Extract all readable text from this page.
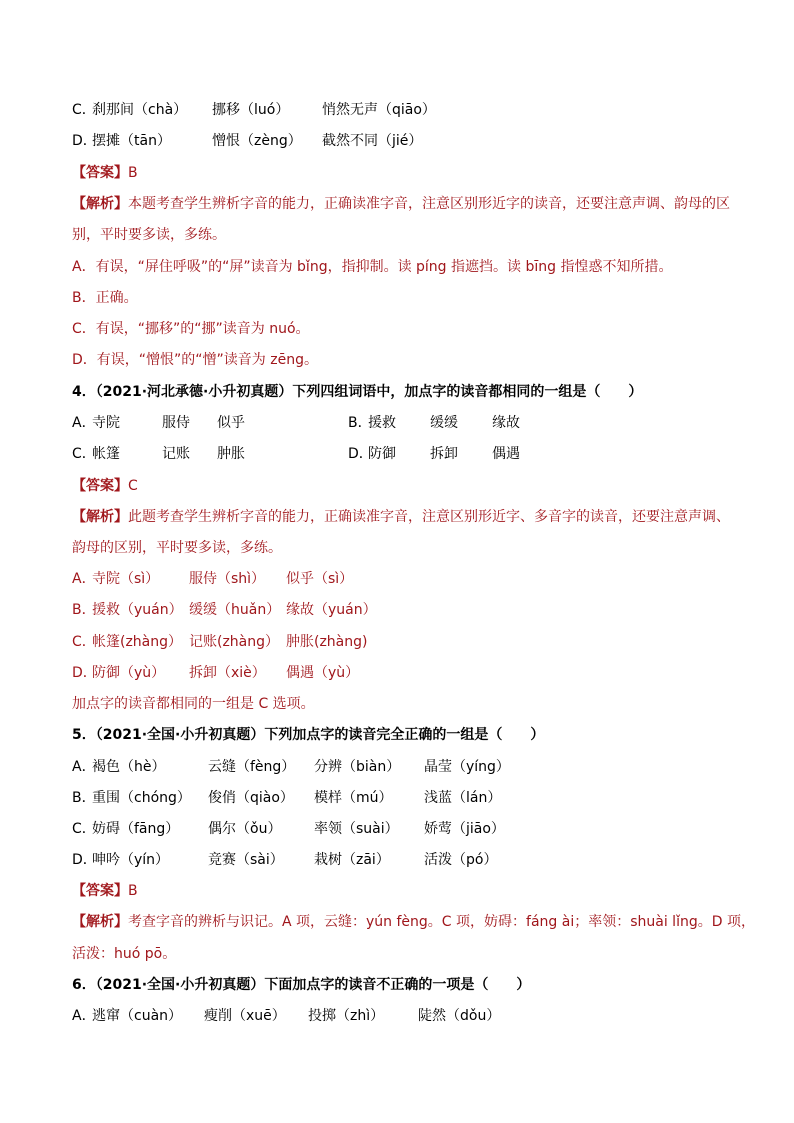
C．刹那间（chà） 挪移（luó） 悄然无声（qiāo）
D．摆摊（tān）	憎恨（zèng） 截然不同（jié）
【答案】B
【解析】本题考查学生辨析字音的能力，正确读准字音，注意区别形近字的读音，还要注意声调、韵母的区别，平时要多读，多练。
A．有误，“屏住呼吸”的“屏”读音为 bǐng，指抑制。读 píng 指遮挡。读 bīng 指惶惑不知所措。
B．正确。
C．有误，“挪移”的“挪”读音为 nuó。
D．有误，“憎恨”的“憎”读音为 zēng。
4．（2021·河北承德·小升初真题）下列四组词语中，加点字的读音都相同的一组是（　　）
A．寺院	服侍 似乎	B．援救 缓缓 缘故
C．帐篷	记账 肿胀	D．防御 拆卸 偶遇
【答案】C
【解析】此题考查学生辨析字音的能力，正确读准字音，注意区别形近字、多音字的读音，还要注意声调、韵母的区别，平时要多读，多练。
A．寺院（sì） 服侍（shì） 似乎（sì）
B．援救（yuán） 缓缓（huǎn） 缘故（yuán）
C．帐篷(zhàng） 记账(zhàng） 肿胀(zhàng)
D．防御（yù） 拆卸（xiè） 偶遇（yù）
加点字的读音都相同的一组是 C 选项。
5．（2021·全国·小升初真题）下列加点字的读音完全正确的一组是（　　）
A．褐色（hè）	云缝（fèng） 分辨（biàn） 晶莹（yíng）
B．重围（chóng） 俊俏（qiào） 模样（mú） 浅蓝（lán）
C．妨碍（fāng） 偶尔（ǒu） 率领（suài） 娇莺（jiāo）
D．呻吟（yín）	竞赛（sài） 栽树（zāi） 活泼（pó）
【答案】B
【解析】考查字音的辨析与识记。A 项，云缝：yún fèng。C 项，妨碍：fáng ài；率领：shuài lǐng。D 项，
活泼：huó pō。
6．（2021·全国·小升初真题）下面加点字的读音不正确的一项是（　　）
A．逃窜（cuàn） 瘦削（xuē） 投掷（zhì） 陡然（dǒu）
